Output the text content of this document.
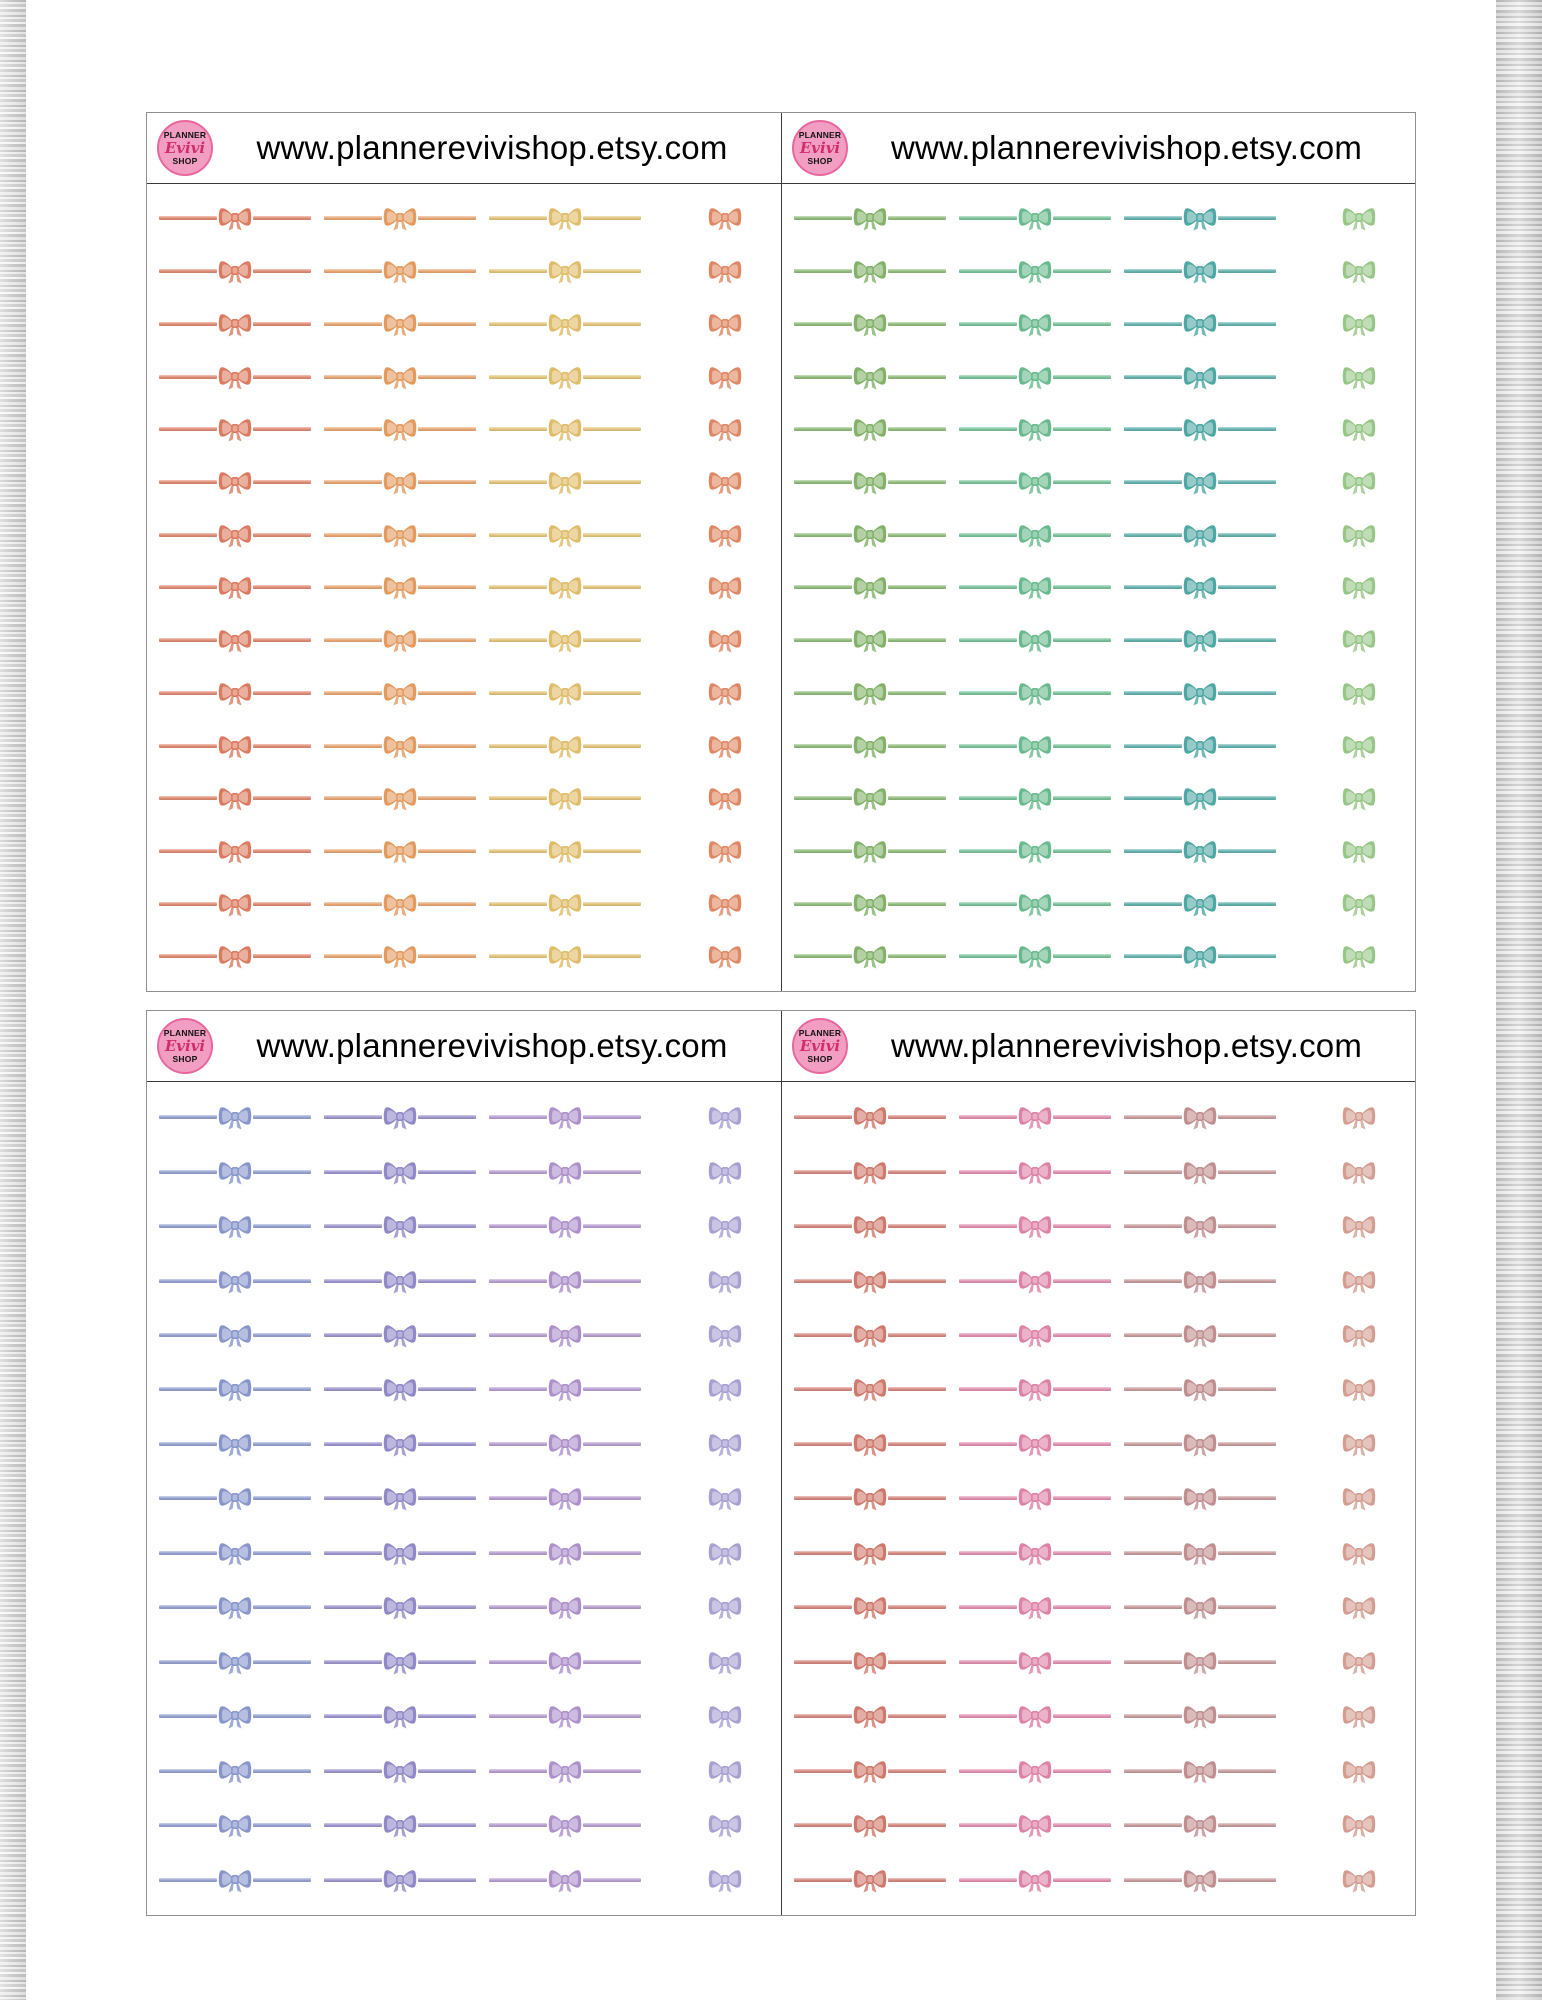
PLANNER
Evivi
SHOP	www.plannerevivishop.etsy.com	PLANNER
Evivi
SHOP	www.plannerevivishop.etsy.com
PLANNER
Evivi
SHOP	www.plannerevivishop.etsy.com	PLANNER
Evivi
SHOP	www.plannerevivishop.etsy.com
